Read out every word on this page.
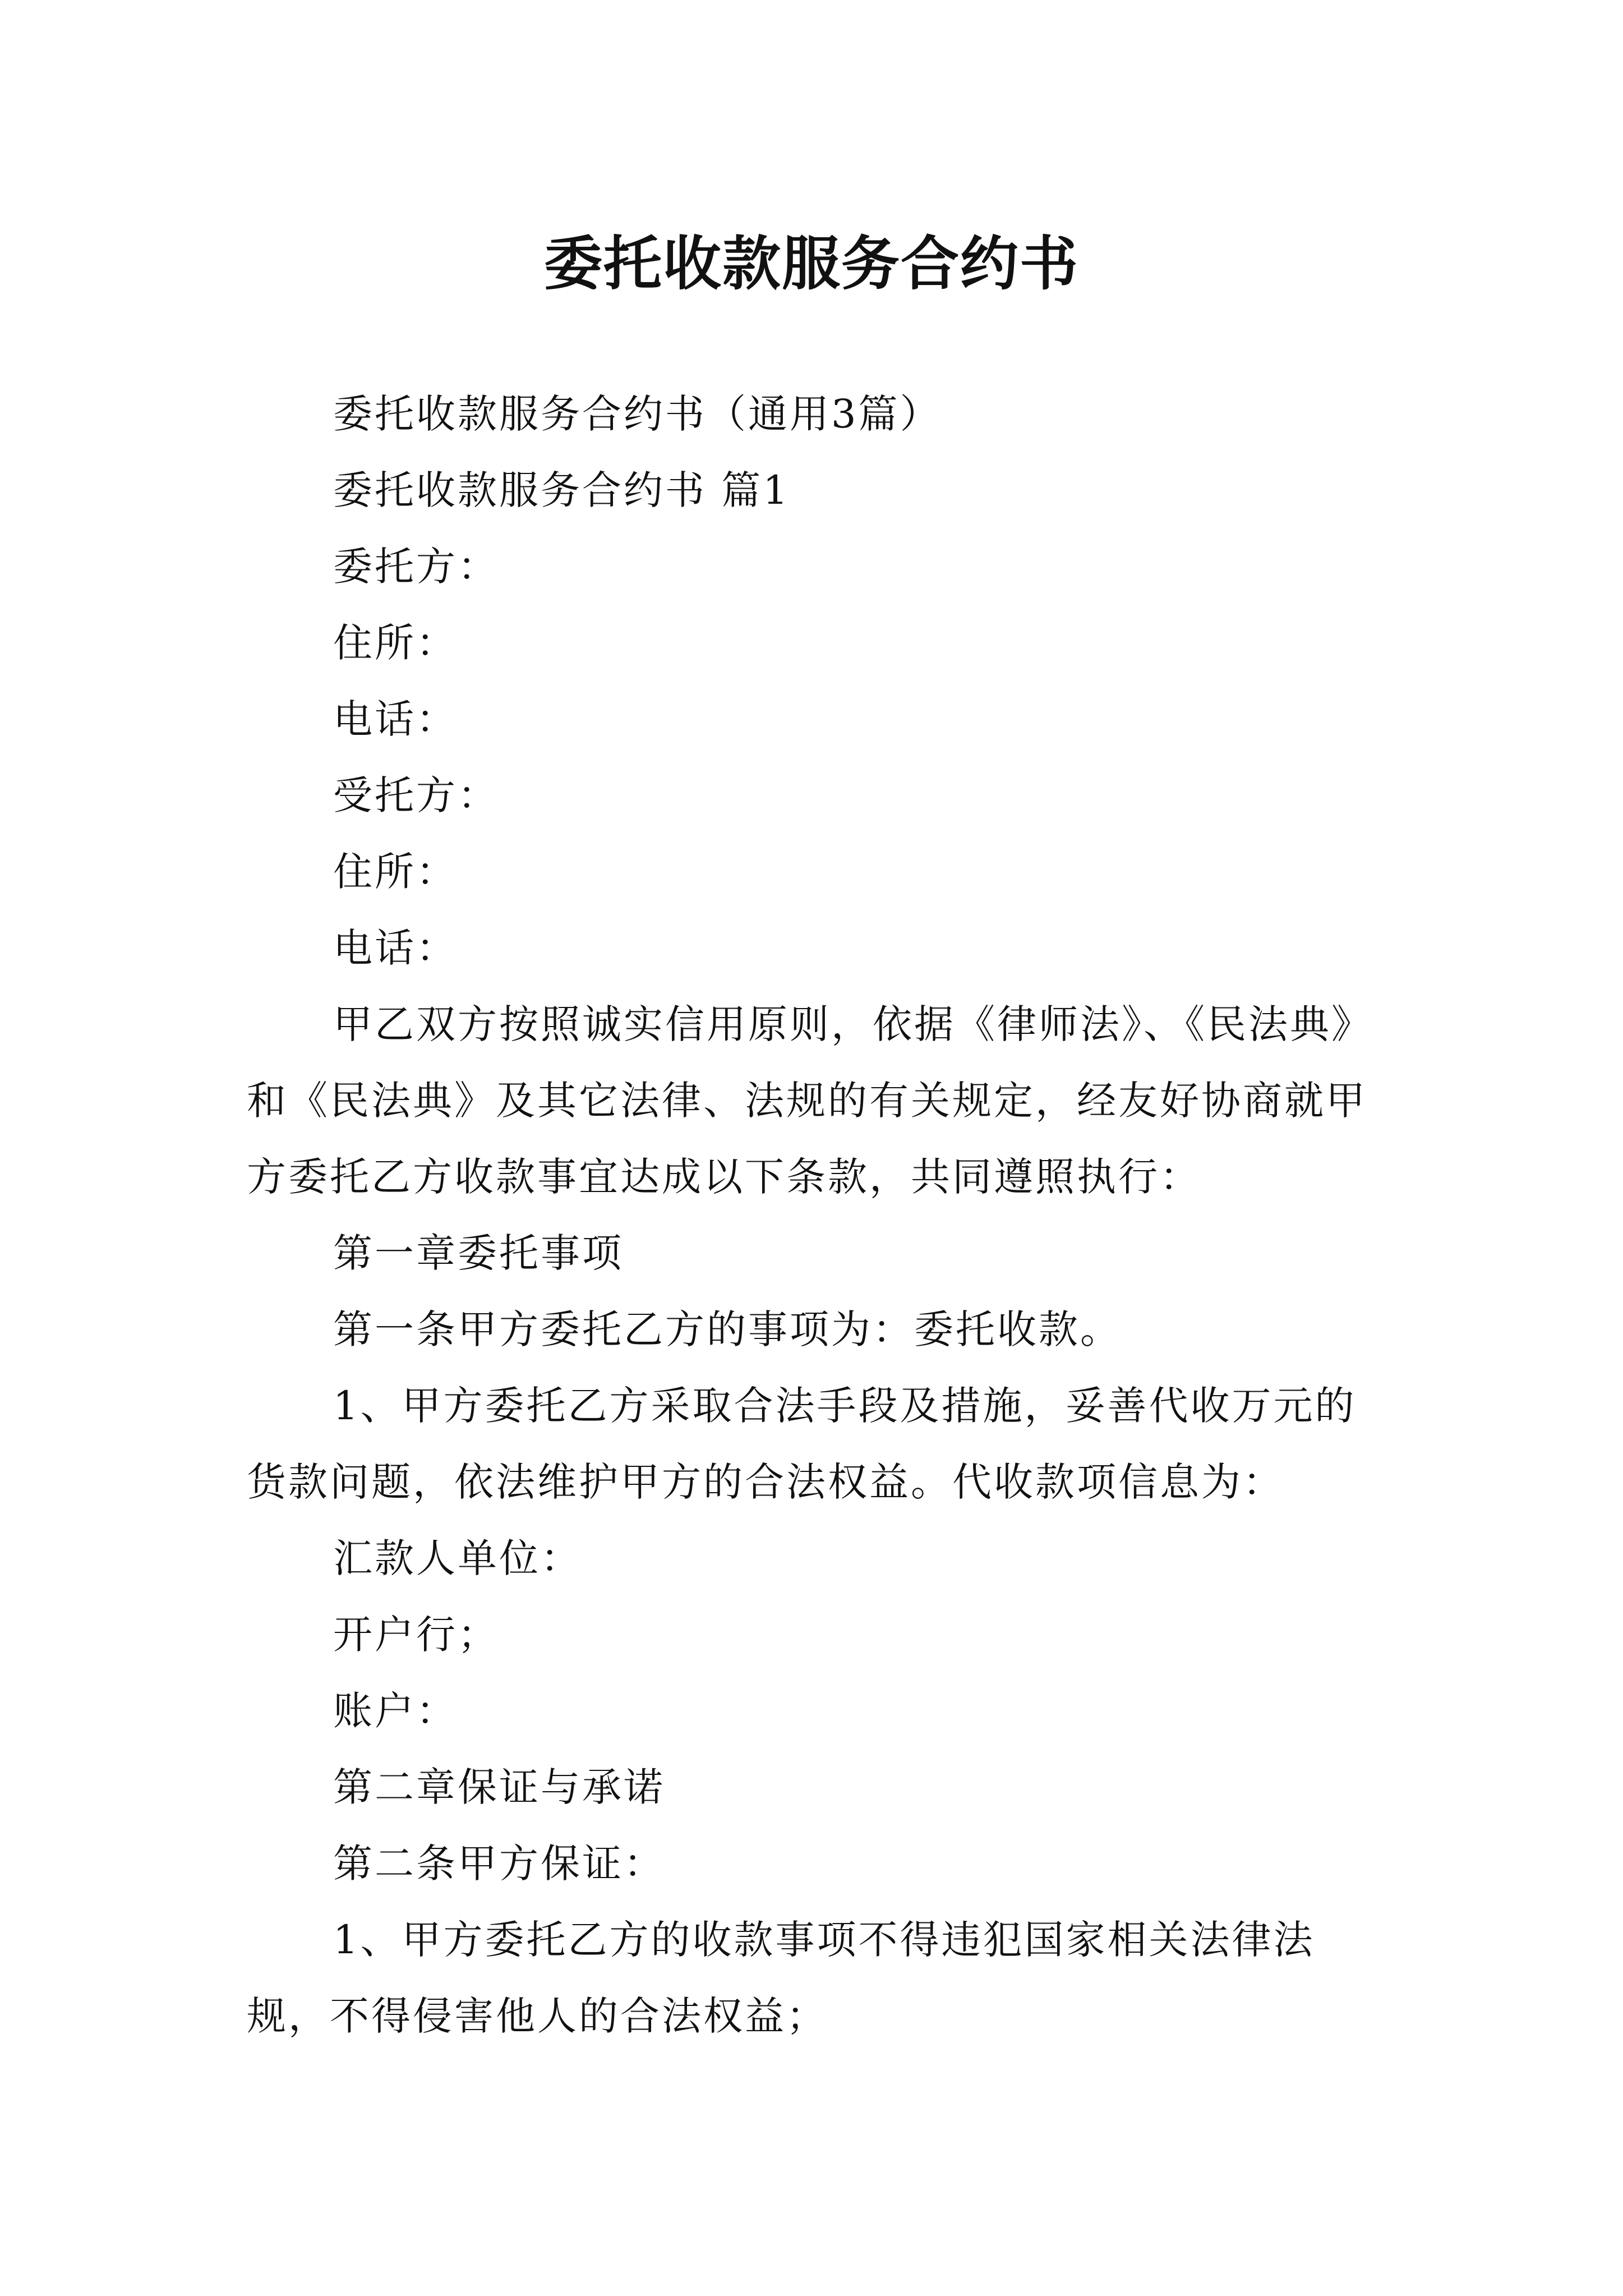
委托收款服务合约书

委托收款服务合约书（通用3篇）

委托收款服务合约书 篇1

委托方：

住所：

电话：

受托方：

住所：

电话：

甲乙双方按照诚实信用原则，依据《律师法》、《民法典》和《民法典》及其它法律、法规的有关规定，经友好协商就甲方委托乙方收款事宜达成以下条款，共同遵照执行：

第一章委托事项

第一条甲方委托乙方的事项为：委托收款。

1、甲方委托乙方采取合法手段及措施，妥善代收万元的货款问题，依法维护甲方的合法权益。代收款项信息为：

汇款人单位：

开户行；

账户：

第二章保证与承诺

第二条甲方保证：

1、甲方委托乙方的收款事项不得违犯国家相关法律法规，不得侵害他人的合法权益；
